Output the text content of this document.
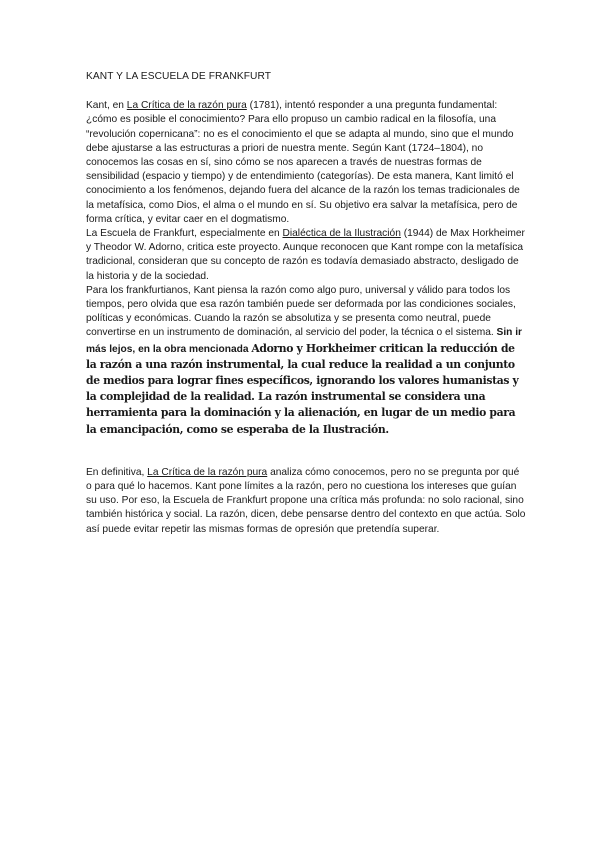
KANT Y LA ESCUELA DE FRANKFURT

Kant, en La Crítica de la razón pura (1781), intentó responder a una pregunta fundamental: ¿cómo es posible el conocimiento? Para ello propuso un cambio radical en la filosofía, una “revolución copernicana”: no es el conocimiento el que se adapta al mundo, sino que el mundo debe ajustarse a las estructuras a priori de nuestra mente. Según Kant (1724–1804), no conocemos las cosas en sí, sino cómo se nos aparecen a través de nuestras formas de sensibilidad (espacio y tiempo) y de entendimiento (categorías). De esta manera, Kant limitó el conocimiento a los fenómenos, dejando fuera del alcance de la razón los temas tradicionales de la metafísica, como Dios, el alma o el mundo en sí. Su objetivo era salvar la metafísica, pero de forma crítica, y evitar caer en el dogmatismo.

La Escuela de Frankfurt, especialmente en Dialéctica de la Ilustración (1944) de Max Horkheimer y Theodor W. Adorno, critica este proyecto. Aunque reconocen que Kant rompe con la metafísica tradicional, consideran que su concepto de razón es todavía demasiado abstracto, desligado de la historia y de la sociedad.

Para los frankfurtianos, Kant piensa la razón como algo puro, universal y válido para todos los tiempos, pero olvida que esa razón también puede ser deformada por las condiciones sociales, políticas y económicas. Cuando la razón se absolutiza y se presenta como neutral, puede convertirse en un instrumento de dominación, al servicio del poder, la técnica o el sistema. Sin ir más lejos, en la obra mencionada Adorno y Horkheimer critican la reducción de la razón a una razón instrumental, la cual reduce la realidad a un conjunto de medios para lograr fines específicos, ignorando los valores humanistas y la complejidad de la realidad. La razón instrumental se considera una herramienta para la dominación y la alienación, en lugar de un medio para la emancipación, como se esperaba de la Ilustración.

En definitiva, La Crítica de la razón pura analiza cómo conocemos, pero no se pregunta por qué o para qué lo hacemos. Kant pone límites a la razón, pero no cuestiona los intereses que guían su uso. Por eso, la Escuela de Frankfurt propone una crítica más profunda: no solo racional, sino también histórica y social. La razón, dicen, debe pensarse dentro del contexto en que actúa. Solo así puede evitar repetir las mismas formas de opresión que pretendía superar.
